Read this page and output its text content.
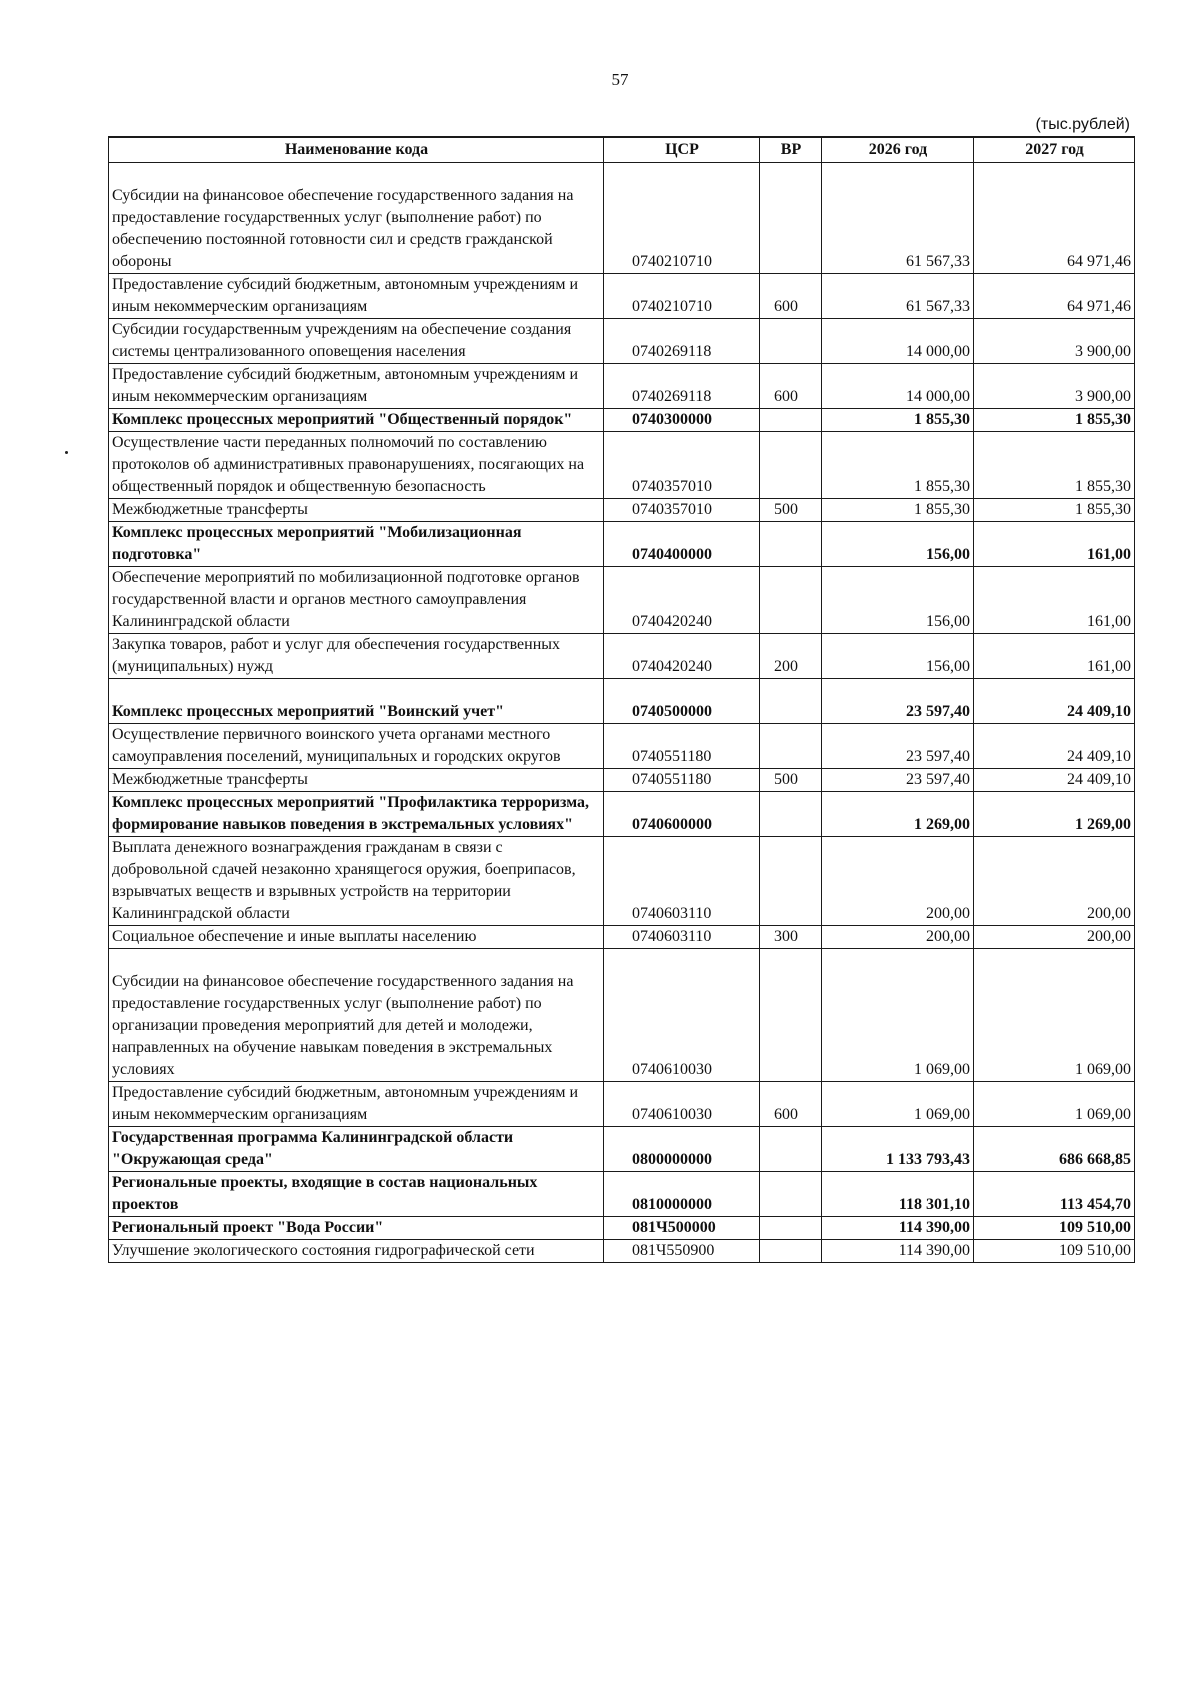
57
(тыс.рублей)
Наименование кода	ЦСР	ВР	2026 год	2027 год

Субсидии на финансовое обеспечение государственного задания на предоставление государственных услуг (выполнение работ) по обеспечению постоянной готовности сил и средств гражданской обороны	0740210710		61 567,33	64 971,46
Предоставление субсидий бюджетным, автономным учреждениям и иным некоммерческим организациям	0740210710	600	61 567,33	64 971,46
Субсидии государственным учреждениям на обеспечение создания системы централизованного оповещения населения	0740269118		14 000,00	3 900,00
Предоставление субсидий бюджетным, автономным учреждениям и иным некоммерческим организациям	0740269118	600	14 000,00	3 900,00
Комплекс процессных мероприятий "Общественный порядок"	0740300000		1 855,30	1 855,30
Осуществление части переданных полномочий по составлению протоколов об административных правонарушениях, посягающих на общественный порядок и общественную безопасность	0740357010		1 855,30	1 855,30
Межбюджетные трансферты	0740357010	500	1 855,30	1 855,30
Комплекс процессных мероприятий "Мобилизационная подготовка"	0740400000		156,00	161,00
Обеспечение мероприятий по мобилизационной подготовке органов государственной власти и органов местного самоуправления Калининградской области	0740420240		156,00	161,00
Закупка товаров, работ и услуг для обеспечения государственных (муниципальных) нужд	0740420240	200	156,00	161,00

Комплекс процессных мероприятий "Воинский учет"	0740500000		23 597,40	24 409,10
Осуществление первичного воинского учета органами местного самоуправления поселений, муниципальных и городских округов	0740551180		23 597,40	24 409,10
Межбюджетные трансферты	0740551180	500	23 597,40	24 409,10
Комплекс процессных мероприятий "Профилактика терроризма, формирование навыков поведения в экстремальных условиях"	0740600000		1 269,00	1 269,00
Выплата денежного вознаграждения гражданам в связи с добровольной сдачей незаконно хранящегося оружия, боеприпасов, взрывчатых веществ и взрывных устройств на территории Калининградской области	0740603110		200,00	200,00
Социальное обеспечение и иные выплаты населению	0740603110	300	200,00	200,00

Субсидии на финансовое обеспечение государственного задания на предоставление государственных услуг (выполнение работ) по организации проведения мероприятий для детей и молодежи, направленных на обучение навыкам поведения в экстремальных условиях	0740610030		1 069,00	1 069,00
Предоставление субсидий бюджетным, автономным учреждениям и иным некоммерческим организациям	0740610030	600	1 069,00	1 069,00
Государственная программа Калининградской области "Окружающая среда"	0800000000		1 133 793,43	686 668,85
Региональные проекты, входящие в состав национальных проектов	0810000000		118 301,10	113 454,70
Региональный проект "Вода России"	081Ч500000		114 390,00	109 510,00
Улучшение экологического состояния гидрографической сети	081Ч550900		114 390,00	109 510,00
